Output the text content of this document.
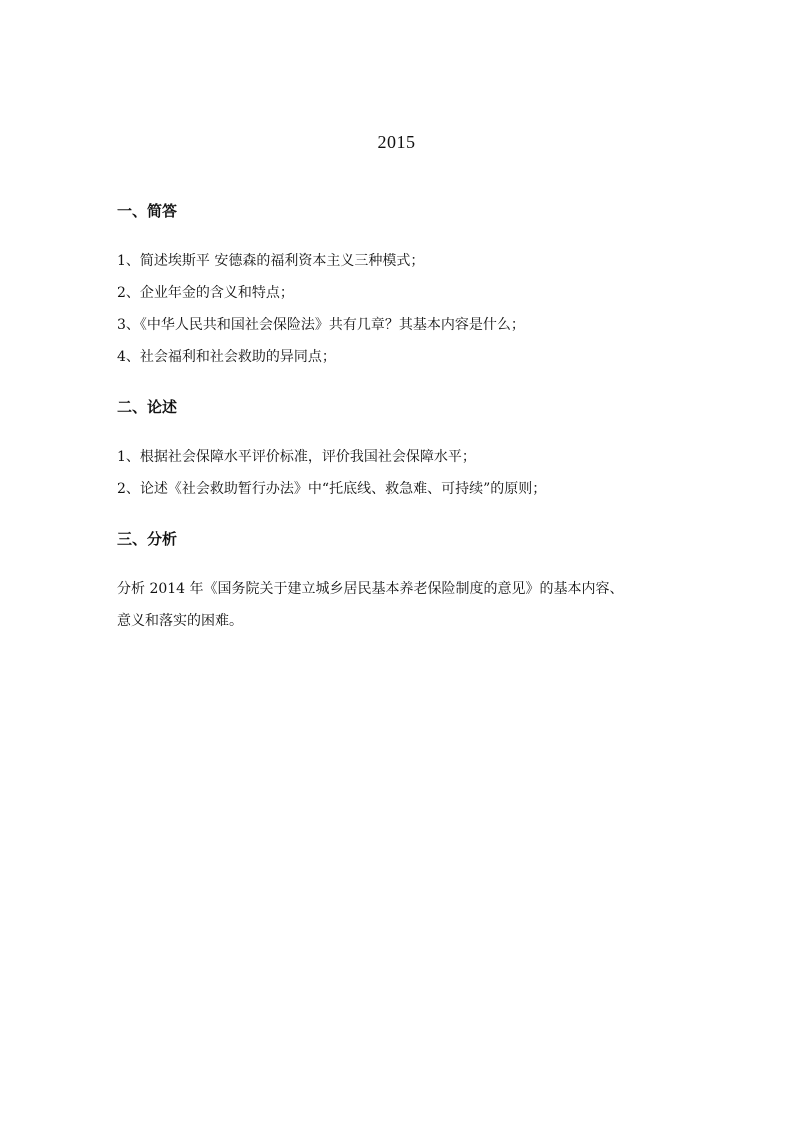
2015
一、简答
1、简述埃斯平 安德森的福利资本主义三种模式；
2、企业年金的含义和特点；
3、《中华人民共和国社会保险法》共有几章？其基本内容是什么；
4、社会福利和社会救助的异同点；
二、论述
1、根据社会保障水平评价标准，评价我国社会保障水平；
2、论述《社会救助暂行办法》中“托底线、救急难、可持续”的原则；
三、分析
分析 2014 年《国务院关于建立城乡居民基本养老保险制度的意见》的基本内容、
意义和落实的困难。
